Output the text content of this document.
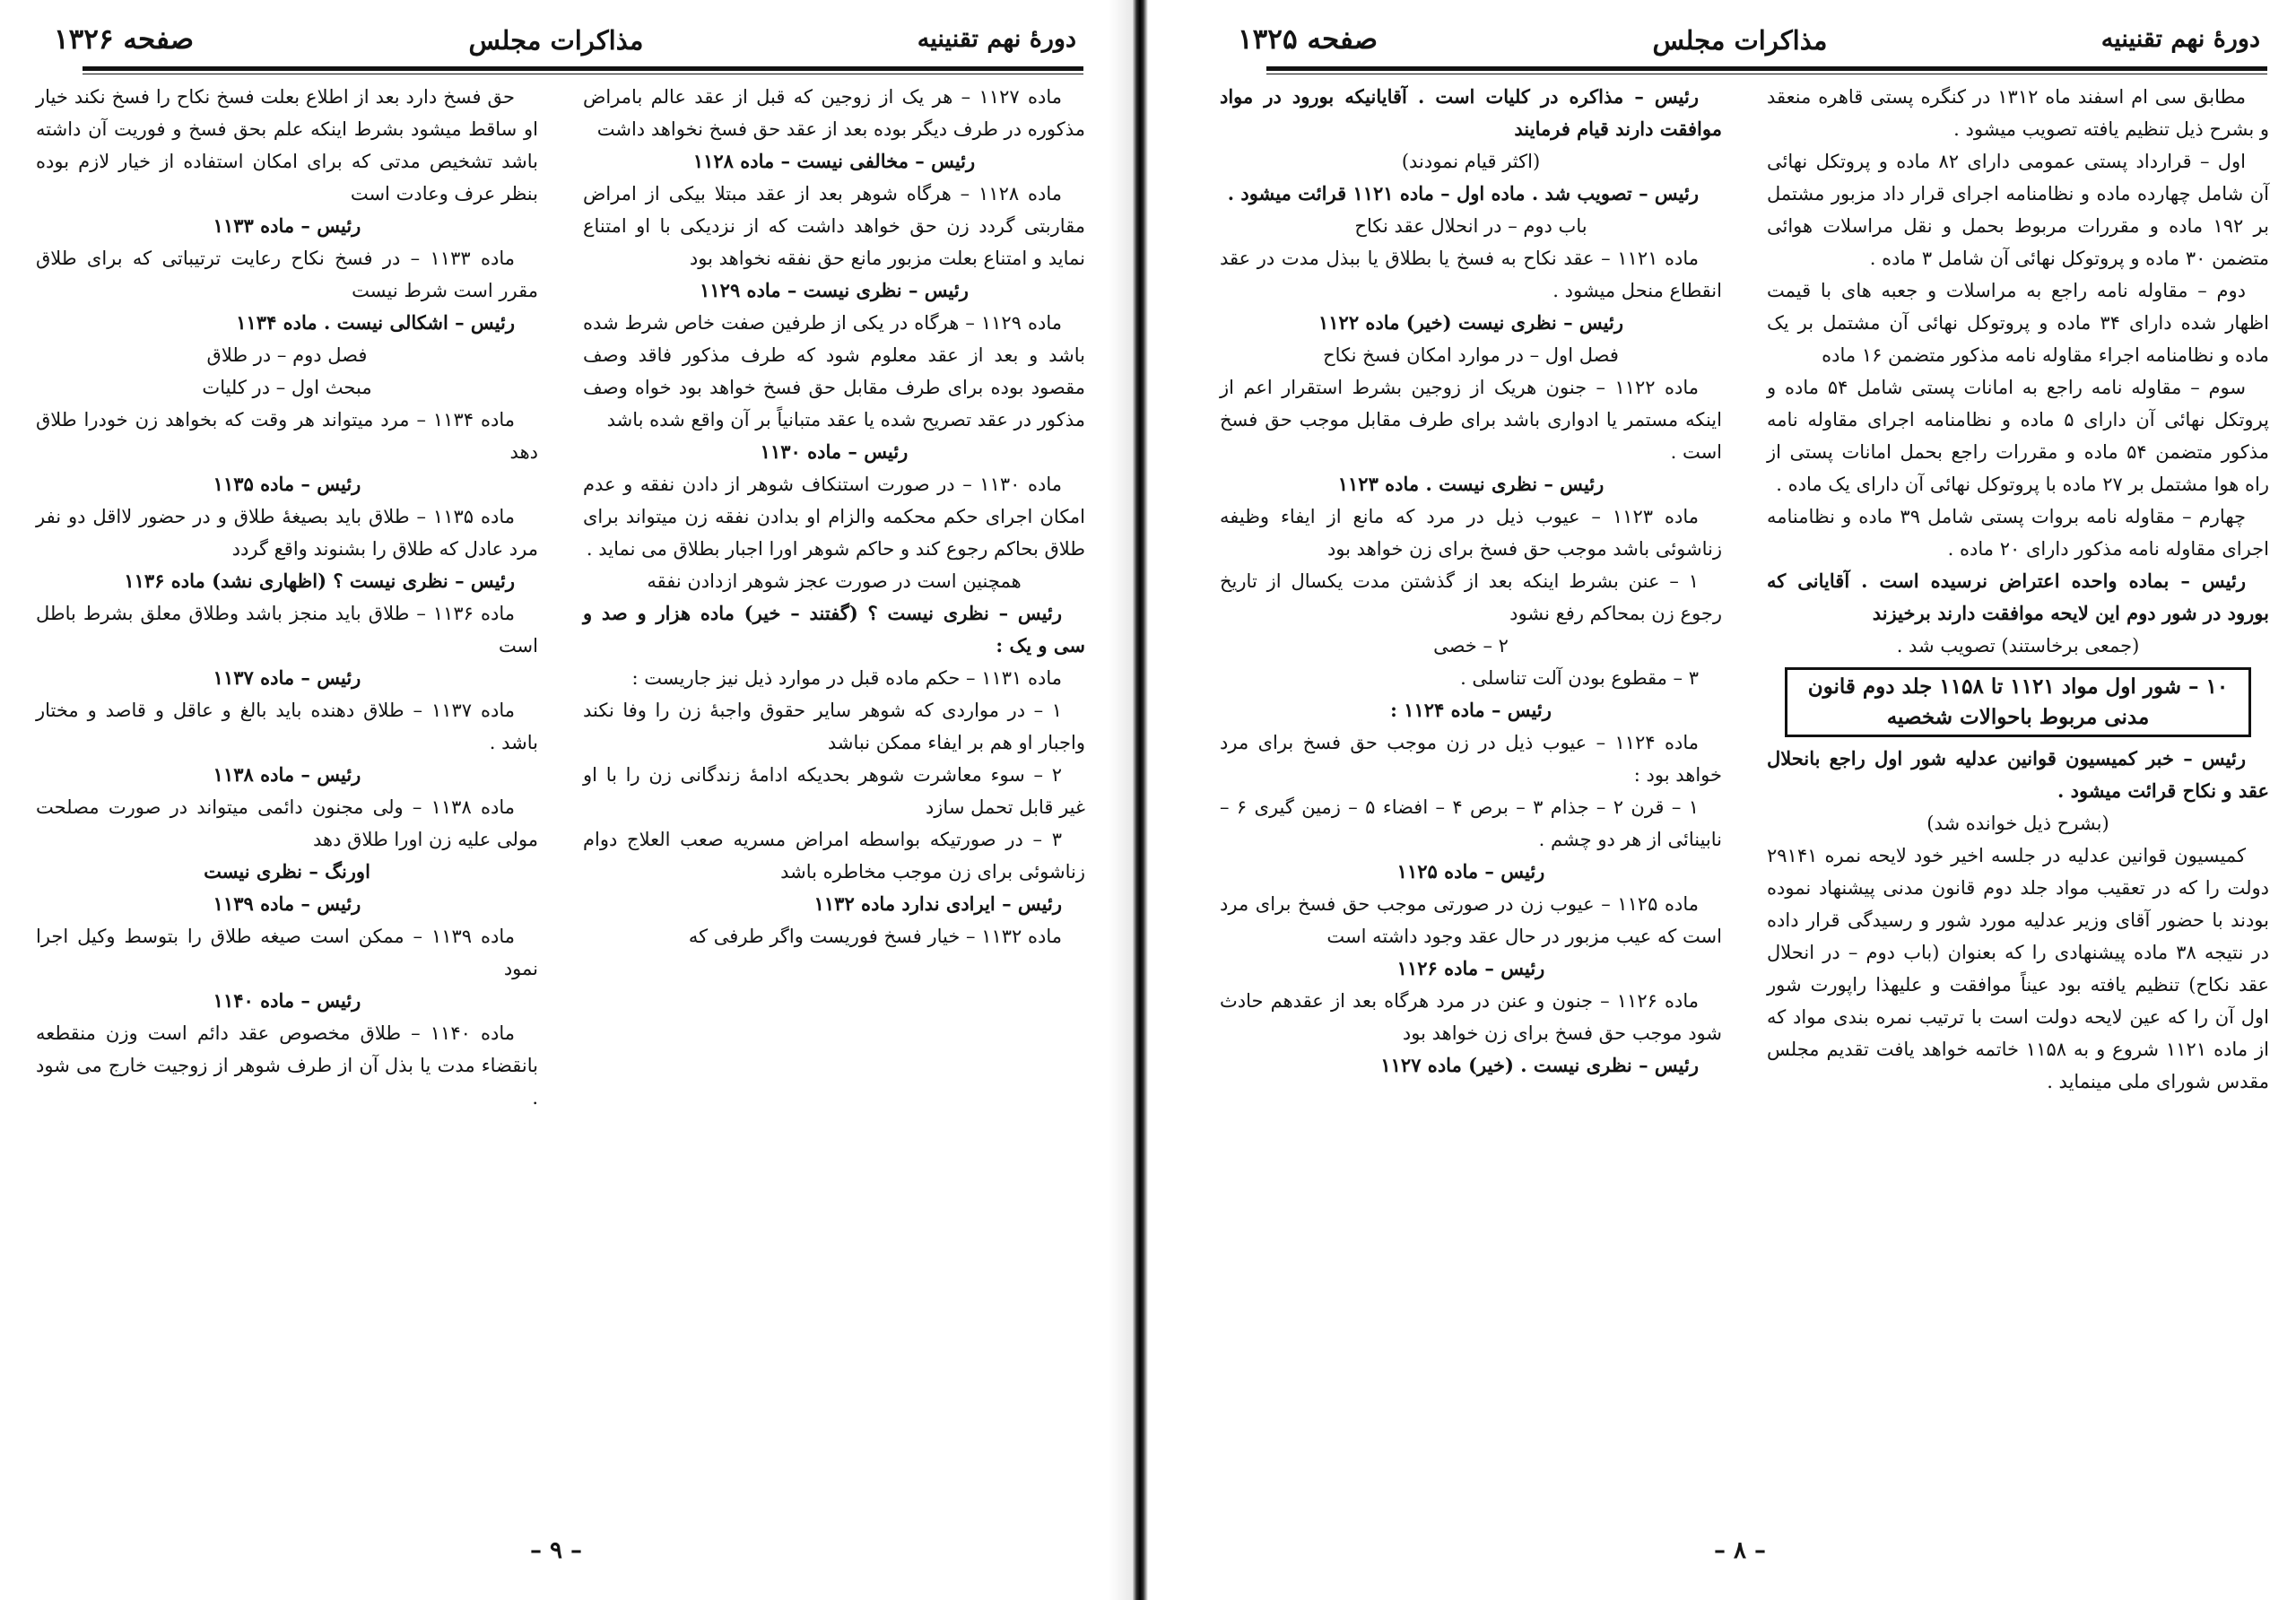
دورهٔ نهم تقنینیه
مذاکرات مجلس
صفحه ۱۳۲۶

ماده ۱۱۲۷ – هر یک از زوجین که قبل از عقد عالم بامراض مذکوره در طرف دیگر بوده بعد از عقد حق فسخ نخواهد داشت

رئیس – مخالفی نیست – ماده ۱۱۲۸

ماده ۱۱۲۸ – هرگاه شوهر بعد از عقد مبتلا بیکی از امراض مقاربتی گردد زن حق خواهد داشت که از نزدیکی با او امتناع نماید و امتناع بعلت مزبور مانع حق نفقه نخواهد بود

رئیس – نظری نیست – ماده ۱۱۲۹

ماده ۱۱۲۹ – هرگاه در یکی از طرفین صفت خاص شرط شده باشد و بعد از عقد معلوم شود که طرف مذکور فاقد وصف مقصود بوده برای طرف مقابل حق فسخ خواهد بود خواه وصف مذکور در عقد تصریح شده یا عقد متبانیاً بر آن واقع شده باشد

رئیس – ماده ۱۱۳۰

ماده ۱۱۳۰ – در صورت استنکاف شوهر از دادن نفقه و عدم امکان اجرای حکم محکمه والزام او بدادن نفقه زن میتواند برای طلاق بحاکم رجوع کند و حاکم شوهر اورا اجبار بطلاق می نماید .

همچنین است در صورت عجز شوهر ازدادن نفقه

رئیس – نظری نیست ؟ (گفتند – خیر) ماده هزار و صد و سی و یک :

ماده ۱۱۳۱ – حکم ماده قبل در موارد ذیل نیز جاریست :

۱ – در مواردی که شوهر سایر حقوق واجبهٔ زن را وفا نکند واجبار او هم بر ایفاء ممکن نباشد

۲ – سوء معاشرت شوهر بحدیکه ادامهٔ زندگانی زن را با او غیر قابل تحمل سازد

۳ – در صورتیکه بواسطه امراض مسریه صعب العلاج دوام زناشوئی برای زن موجب مخاطره باشد

رئیس – ایرادی ندارد ماده ۱۱۳۲

ماده ۱۱۳۲ – خیار فسخ فوریست واگر طرفی که

حق فسخ دارد بعد از اطلاع بعلت فسخ نکاح را فسخ نکند خیار او ساقط میشود بشرط اینکه علم بحق فسخ و فوریت آن داشته باشد تشخیص مدتی که برای امکان استفاده از خیار لازم بوده بنظر عرف وعادت است

رئیس – ماده ۱۱۳۳

ماده ۱۱۳۳ – در فسخ نکاح رعایت ترتیباتی که برای طلاق مقرر است شرط نیست

رئیس – اشکالی نیست . ماده ۱۱۳۴

فصل دوم – در طلاق

مبحث اول – در کلیات

ماده ۱۱۳۴ – مرد میتواند هر وقت که بخواهد زن خودرا طلاق دهد

رئیس – ماده ۱۱۳۵

ماده ۱۱۳۵ – طلاق باید بصیغهٔ طلاق و در حضور لااقل دو نفر مرد عادل که طلاق را بشنوند واقع گردد

رئیس – نظری نیست ؟ (اظهاری نشد) ماده ۱۱۳۶

ماده ۱۱۳۶ – طلاق باید منجز باشد وطلاق معلق بشرط باطل است

رئیس – ماده ۱۱۳۷

ماده ۱۱۳۷ – طلاق دهنده باید بالغ و عاقل و قاصد و مختار باشد .

رئیس – ماده ۱۱۳۸

ماده ۱۱۳۸ – ولی مجنون دائمی میتواند در صورت مصلحت مولی علیه زن اورا طلاق دهد

اورنگ – نظری نیست

رئیس – ماده ۱۱۳۹

ماده ۱۱۳۹ – ممکن است صیغه طلاق را بتوسط وکیل اجرا نمود

رئیس – ماده ۱۱۴۰

ماده ۱۱۴۰ – طلاق مخصوص عقد دائم است وزن منقطعه بانقضاء مدت یا بذل آن از طرف شوهر از زوجیت خارج می شود .

– ۹ –
دورهٔ نهم تقنینیه
مذاکرات مجلس
صفحه ۱۳۲۵

مطابق سی ام اسفند ماه ۱۳۱۲ در کنگره پستی قاهره منعقد و بشرح ذیل تنظیم یافته تصویب میشود .

اول – قرارداد پستی عمومی دارای ۸۲ ماده و پروتکل نهائی آن شامل چهارده ماده و نظامنامه اجرای قرار داد مزبور مشتمل بر ۱۹۲ ماده و مقررات مربوط بحمل و نقل مراسلات هوائی متضمن ۳۰ ماده و پروتوکل نهائی آن شامل ۳ ماده .

دوم – مقاوله نامه راجع به مراسلات و جعبه های با قیمت اظهار شده دارای ۳۴ ماده و پروتوکل نهائی آن مشتمل بر یک ماده و نظامنامه اجراء مقاوله نامه مذکور متضمن ۱۶ ماده

سوم – مقاوله نامه راجع به امانات پستی شامل ۵۴ ماده و پروتکل نهائی آن دارای ۵ ماده و نظامنامه اجرای مقاوله نامه مذکور متضمن ۵۴ ماده و مقررات راجع بحمل امانات پستی از راه هوا مشتمل بر ۲۷ ماده با پروتوکل نهائی آن دارای یک ماده .

چهارم – مقاوله نامه بروات پستی شامل ۳۹ ماده و نظامنامه اجرای مقاوله نامه مذکور دارای ۲۰ ماده .

رئیس – بماده واحده اعتراض نرسیده است . آقایانی که بورود در شور دوم این لایحه موافقت دارند برخیزند

(جمعی برخاستند) تصویب شد .

۱۰ – شور اول مواد ۱۱۲۱ تا ۱۱۵۸ جلد دوم قانون مدنی مربوط باحوالات شخصیه

رئیس – خبر کمیسیون قوانین عدلیه شور اول راجع بانحلال عقد و نکاح قرائت میشود .

(بشرح ذیل خوانده شد)

کمیسیون قوانین عدلیه در جلسه اخیر خود لایحه نمره ۲۹۱۴۱ دولت را که در تعقیب مواد جلد دوم قانون مدنی پیشنهاد نموده بودند با حضور آقای وزیر عدلیه مورد شور و رسیدگی قرار داده در نتیجه ۳۸ ماده پیشنهادی را که بعنوان (باب دوم – در انحلال عقد نکاح) تنظیم یافته بود عیناً موافقت و علیهذا راپورت شور اول آن را که عین لایحه دولت است با ترتیب نمره بندی مواد که از ماده ۱۱۲۱ شروع و به ۱۱۵۸ خاتمه خواهد یافت تقدیم مجلس مقدس شورای ملی مینماید .

رئیس – مذاکره در کلیات است . آقایانیکه بورود در مواد موافقت دارند قیام فرمایند

(اکثر قیام نمودند)

رئیس – تصویب شد . ماده اول – ماده ۱۱۲۱ قرائت میشود .

باب دوم – در انحلال عقد نکاح

ماده ۱۱۲۱ – عقد نکاح به فسخ یا بطلاق یا ببذل مدت در عقد انقطاع منحل میشود .

رئیس – نظری نیست (خیر) ماده ۱۱۲۲

فصل اول – در موارد امکان فسخ نکاح

ماده ۱۱۲۲ – جنون هریک از زوجین بشرط استقرار اعم از اینکه مستمر یا ادواری باشد برای طرف مقابل موجب حق فسخ است .

رئیس – نظری نیست . ماده ۱۱۲۳

ماده ۱۱۲۳ – عیوب ذیل در مرد که مانع از ایفاء وظیفه زناشوئی باشد موجب حق فسخ برای زن خواهد بود

۱ – عنن بشرط اینکه بعد از گذشتن مدت یکسال از تاریخ رجوع زن بمحاکم رفع نشود

۲ – خصی

۳ – مقطوع بودن آلت تناسلی .

رئیس – ماده ۱۱۲۴ :

ماده ۱۱۲۴ – عیوب ذیل در زن موجب حق فسخ برای مرد خواهد بود :

۱ – قرن ۲ – جذام ۳ – برص ۴ – افضاء ۵ – زمین گیری ۶ – نابینائی از هر دو چشم .

رئیس – ماده ۱۱۲۵

ماده ۱۱۲۵ – عیوب زن در صورتی موجب حق فسخ برای مرد است که عیب مزبور در حال عقد وجود داشته است

رئیس – ماده ۱۱۲۶

ماده ۱۱۲۶ – جنون و عنن در مرد هرگاه بعد از عقدهم حادث شود موجب حق فسخ برای زن خواهد بود

رئیس – نظری نیست . (خیر) ماده ۱۱۲۷

– ۸ –
